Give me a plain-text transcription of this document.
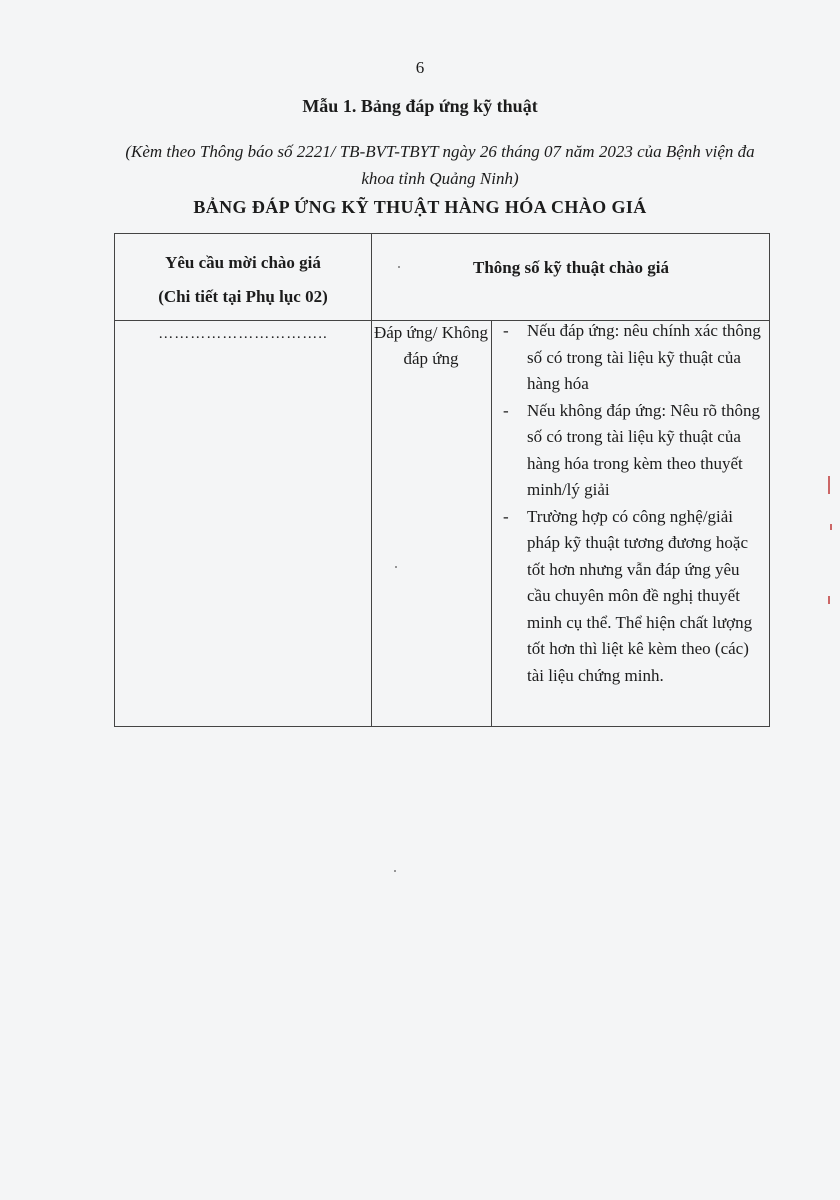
6
Mẫu 1. Bảng đáp ứng kỹ thuật
(Kèm theo Thông báo số 2221/ TB-BVT-TBYT ngày 26 tháng 07 năm 2023 của Bệnh viện đa khoa tỉnh Quảng Ninh)
BẢNG ĐÁP ỨNG KỸ THUẬT HÀNG HÓA CHÀO GIÁ
Yêu cầu mời chào giá
(Chi tiết tại Phụ lục 02)
Thông số kỹ thuật chào giá
…………………………..	Đáp ứng/ Không đáp ứng
- Nếu đáp ứng: nêu chính xác thông số có trong tài liệu kỹ thuật của hàng hóa
- Nếu không đáp ứng: Nêu rõ thông số có trong tài liệu kỹ thuật của hàng hóa trong kèm theo thuyết minh/lý giải
- Trường hợp có công nghệ/giải pháp kỹ thuật tương đương hoặc tốt hơn nhưng vẫn đáp ứng yêu cầu chuyên môn đề nghị thuyết minh cụ thể. Thể hiện chất lượng tốt hơn thì liệt kê kèm theo (các) tài liệu chứng minh.
